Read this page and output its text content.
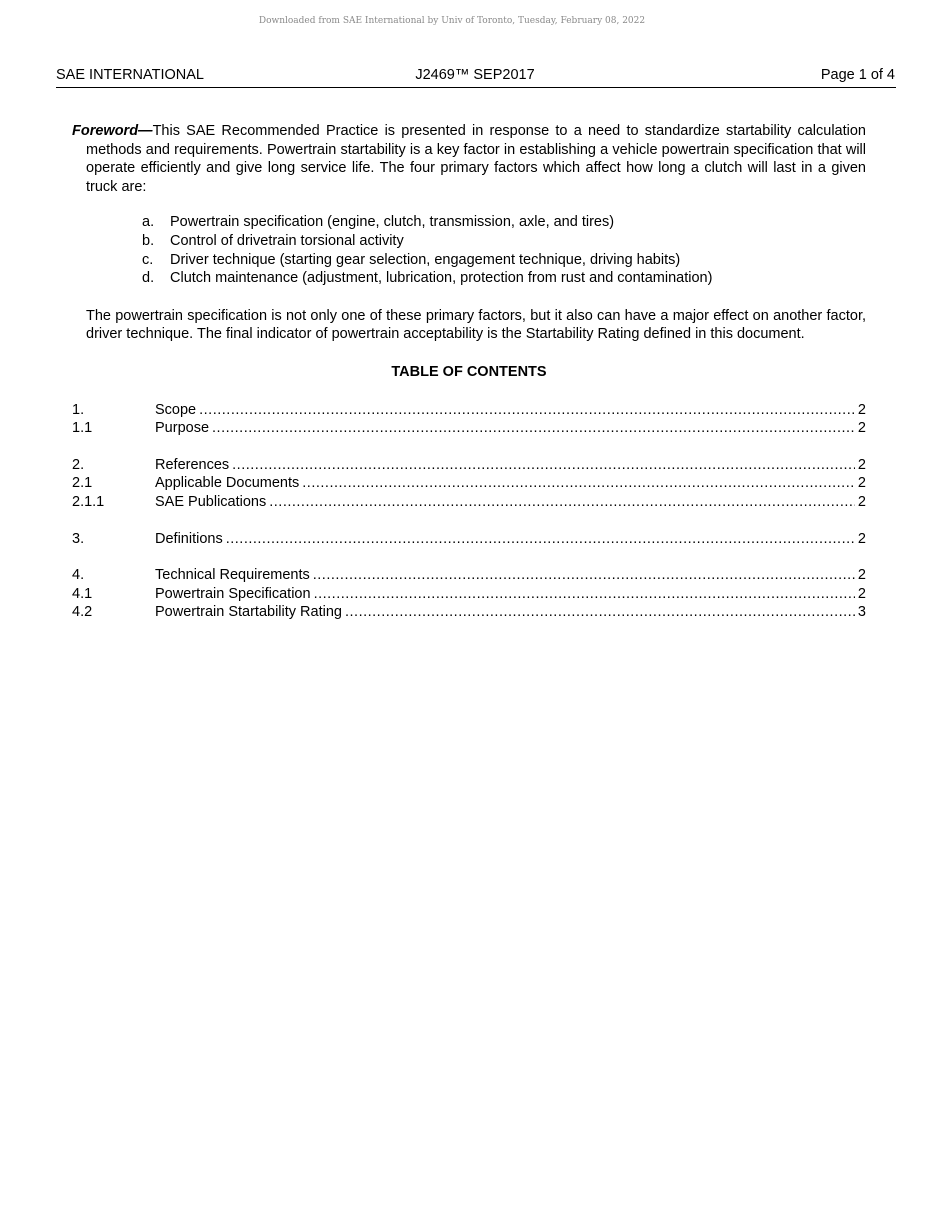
Downloaded from SAE International by Univ of Toronto, Tuesday, February 08, 2022
SAE INTERNATIONAL	J2469™ SEP2017	Page 1 of 4

Foreword—This SAE Recommended Practice is presented in response to a need to standardize startability calculation methods and requirements. Powertrain startability is a key factor in establishing a vehicle powertrain specification that will operate efficiently and give long service life. The four primary factors which affect how long a clutch will last in a given truck are:

a.	Powertrain specification (engine, clutch, transmission, axle, and tires)
b.	Control of drivetrain torsional activity
c.	Driver technique (starting gear selection, engagement technique, driving habits)
d.	Clutch maintenance (adjustment, lubrication, protection from rust and contamination)

The powertrain specification is not only one of these primary factors, but it also can have a major effect on another factor, driver technique. The final indicator of powertrain acceptability is the Startability Rating defined in this document.

TABLE OF CONTENTS
1.	Scope .....	2
1.1	Purpose .....	2
2.	References .....	2
2.1	Applicable Documents .....	2
2.1.1	SAE Publications .....	2
3.	Definitions .....	2
4.	Technical Requirements .....	2
4.1	Powertrain Specification .....	2
4.2	Powertrain Startability Rating .....	3
